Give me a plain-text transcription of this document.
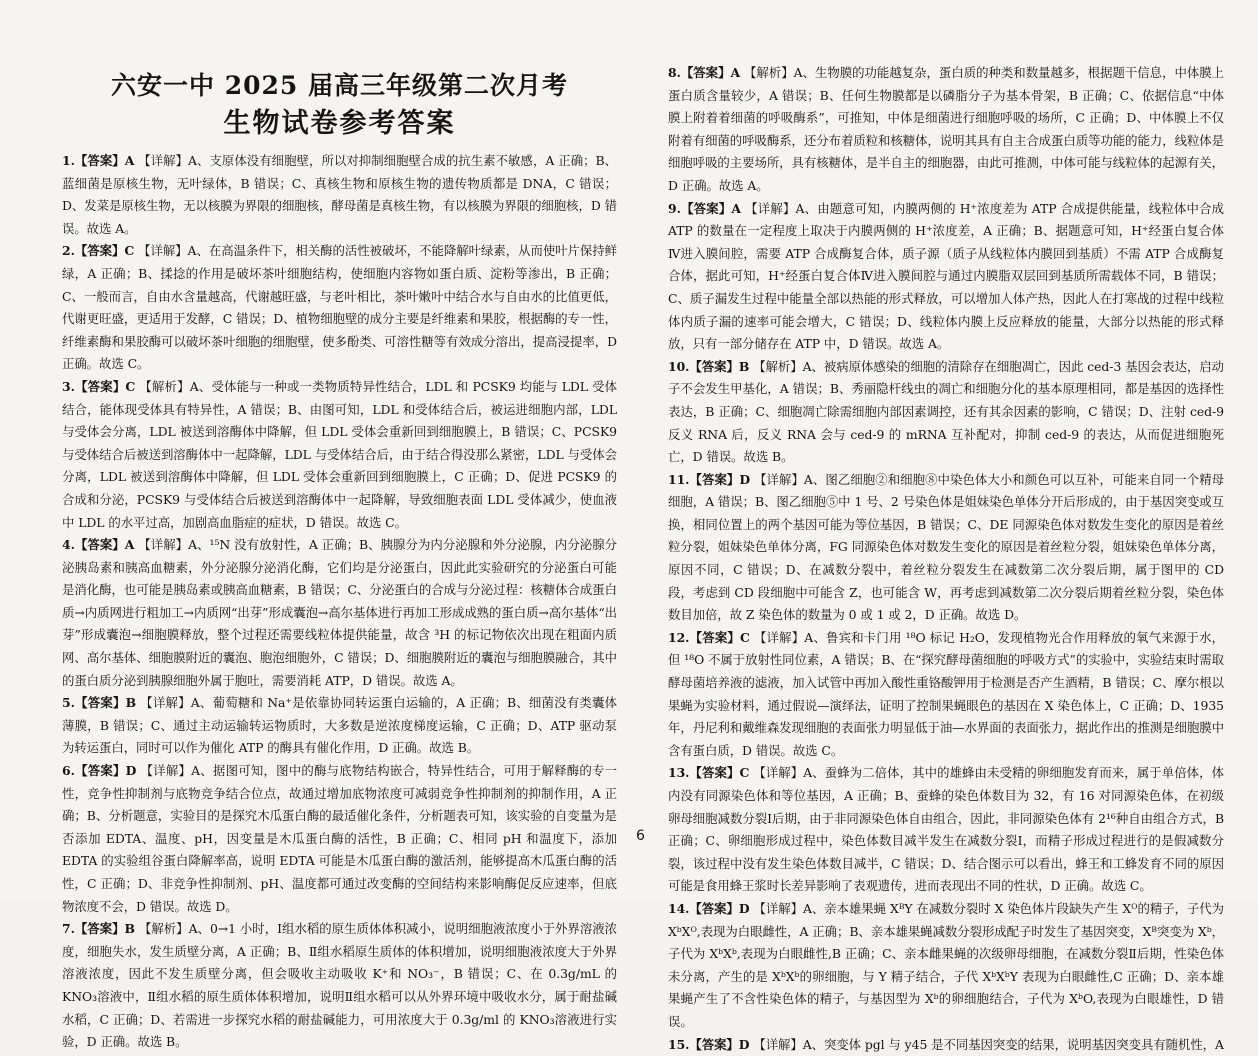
六安一中 2025 届高三年级第二次月考
生物试卷参考答案
1.【答案】A 【详解】A、支原体没有细胞壁，所以对抑制细胞壁合成的抗生素不敏感，A 正确；B、蓝细菌是原核生物，无叶绿体，B 错误；C、真核生物和原核生物的遗传物质都是 DNA，C 错误；D、发菜是原核生物，无以核膜为界限的细胞核，酵母菌是真核生物，有以核膜为界限的细胞核，D 错误。故选 A。
2.【答案】C 【详解】A、在高温条件下，相关酶的活性被破坏，不能降解叶绿素，从而使叶片保持鲜绿，A 正确；B、揉捻的作用是破坏茶叶细胞结构，使细胞内容物如蛋白质、淀粉等渗出，B 正确；C、一般而言，自由水含量越高，代谢越旺盛，与老叶相比，茶叶嫩叶中结合水与自由水的比值更低，代谢更旺盛，更适用于发酵，C 错误；D、植物细胞壁的成分主要是纤维素和果胶，根据酶的专一性，纤维素酶和果胶酶可以破坏茶叶细胞的细胞壁，使多酚类、可溶性糖等有效成分溶出，提高浸提率，D 正确。故选 C。
3.【答案】C 【解析】A、受体能与一种或一类物质特异性结合，LDL 和 PCSK9 均能与 LDL 受体结合，能体现受体具有特异性，A 错误；B、由图可知，LDL 和受体结合后，被运进细胞内部，LDL 与受体会分离，LDL 被送到溶酶体中降解，但 LDL 受体会重新回到细胞膜上，B 错误；C、PCSK9 与受体结合后被送到溶酶体中一起降解，LDL 与受体结合后，由于结合得没那么紧密，LDL 与受体会分离，LDL 被送到溶酶体中降解，但 LDL 受体会重新回到细胞膜上，C 正确；D、促进 PCSK9 的合成和分泌，PCSK9 与受体结合后被送到溶酶体中一起降解，导致细胞表面 LDL 受体减少，使血液中 LDL 的水平过高，加剧高血脂症的症状，D 错误。故选 C。
4.【答案】A 【详解】A、¹⁵N 没有放射性，A 正确；B、胰腺分为内分泌腺和外分泌腺，内分泌腺分泌胰岛素和胰高血糖素，外分泌腺分泌消化酶，它们均是分泌蛋白，因此此实验研究的分泌蛋白可能是消化酶，也可能是胰岛素或胰高血糖素，B 错误；C、分泌蛋白的合成与分泌过程：核糖体合成蛋白质→内质网进行粗加工→内质网“出芽”形成囊泡→高尔基体进行再加工形成成熟的蛋白质→高尔基体“出芽”形成囊泡→细胞膜释放，整个过程还需要线粒体提供能量，故含 ³H 的标记物依次出现在粗面内质网、高尔基体、细胞膜附近的囊泡、胞泡细胞外，C 错误；D、细胞膜附近的囊泡与细胞膜融合，其中的蛋白质分泌到胰腺细胞外属于胞吐，需要消耗 ATP，D 错误。故选 A。
5.【答案】B 【详解】A、葡萄糖和 Na⁺是依靠协同转运蛋白运输的，A 正确；B、细菌没有类囊体薄膜，B 错误；C、通过主动运输转运物质时，大多数是逆浓度梯度运输，C 正确；D、ATP 驱动泵为转运蛋白，同时可以作为催化 ATP 的酶具有催化作用，D 正确。故选 B。
6.【答案】D 【详解】A、据图可知，图中的酶与底物结构嵌合，特异性结合，可用于解释酶的专一性，竞争性抑制剂与底物竞争结合位点，故通过增加底物浓度可减弱竞争性抑制剂的抑制作用，A 正确；B、分析题意，实验目的是探究木瓜蛋白酶的最适催化条件，分析题表可知，该实验的自变量为是否添加 EDTA、温度、pH，因变量是木瓜蛋白酶的活性，B 正确；C、相同 pH 和温度下，添加 EDTA 的实验组谷蛋白降解率高，说明 EDTA 可能是木瓜蛋白酶的激活剂，能够提高木瓜蛋白酶的活性，C 正确；D、非竞争性抑制剂、pH、温度都可通过改变酶的空间结构来影响酶促反应速率，但底物浓度不会，D 错误。故选 D。
7.【答案】B 【解析】A、0→1 小时，Ⅰ组水稻的原生质体体积减小，说明细胞液浓度小于外界溶液浓度，细胞失水，发生质壁分离，A 正确；B、Ⅱ组水稻原生质体的体积增加，说明细胞液浓度大于外界溶液浓度，因此不发生质壁分离，但会吸收主动吸收 K⁺和 NO₃⁻，B 错误；C、在 0.3g/mL 的 KNO₃溶液中，Ⅱ组水稻的原生质体体积增加，说明Ⅱ组水稻可以从外界环境中吸收水分，属于耐盐碱水稻，C 正确；D、若需进一步探究水稻的耐盐碱能力，可用浓度大于 0.3g/ml 的 KNO₃溶液进行实验，D 正确。故选 B。
8.【答案】A 【解析】A、生物膜的功能越复杂，蛋白质的种类和数量越多，根据题干信息，中体膜上蛋白质含量较少，A 错误；B、任何生物膜都是以磷脂分子为基本骨架，B 正确；C、依据信息“中体膜上附着着细菌的呼吸酶系”，可推知，中体是细菌进行细胞呼吸的场所，C 正确；D、中体膜上不仅附着有细菌的呼吸酶系，还分布着质粒和核糖体，说明其具有自主合成蛋白质等功能的能力，线粒体是细胞呼吸的主要场所，具有核糖体，是半自主的细胞器，由此可推测，中体可能与线粒体的起源有关，D 正确。故选 A。
9.【答案】A 【详解】A、由题意可知，内膜两侧的 H⁺浓度差为 ATP 合成提供能量，线粒体中合成 ATP 的数量在一定程度上取决于内膜两侧的 H⁺浓度差，A 正确；B、据题意可知，H⁺经蛋白复合体Ⅳ进入膜间腔，需要 ATP 合成酶复合体，质子源（质子从线粒体内膜回到基质）不需 ATP 合成酶复合体，据此可知，H⁺经蛋白复合体Ⅳ进入膜间腔与通过内膜脂双层回到基质所需载体不同，B 错误；C、质子漏发生过程中能量全部以热能的形式释放，可以增加人体产热，因此人在打寒战的过程中线粒体内质子漏的速率可能会增大，C 错误；D、线粒体内膜上反应释放的能量，大部分以热能的形式释放，只有一部分储存在 ATP 中，D 错误。故选 A。
10.【答案】B 【解析】A、被病原体感染的细胞的清除存在细胞凋亡，因此 ced-3 基因会表达，启动子不会发生甲基化，A 错误；B、秀丽隐杆线虫的凋亡和细胞分化的基本原理相同，都是基因的选择性表达，B 正确；C、细胞凋亡除需细胞内部因素调控，还有其余因素的影响，C 错误；D、注射 ced-9 反义 RNA 后，反义 RNA 会与 ced-9 的 mRNA 互补配对，抑制 ced-9 的表达，从而促进细胞死亡，D 错误。故选 B。
11.【答案】D 【详解】A、图乙细胞②和细胞⑧中染色体大小和颜色可以互补，可能来自同一个精母细胞，A 错误；B、图乙细胞⑤中 1 号、2 号染色体是姐妹染色单体分开后形成的，由于基因突变或互换，相同位置上的两个基因可能为等位基因，B 错误；C、DE 同源染色体对数发生变化的原因是着丝粒分裂，姐妹染色单体分离，FG 同源染色体对数发生变化的原因是着丝粒分裂，姐妹染色单体分离，原因不同，C 错误；D、在减数分裂中，着丝粒分裂发生在减数第二次分裂后期，属于图甲的 CD 段，考虑到 CD 段细胞中可能含 Z，也可能含 W，再考虑到减数第二次分裂后期着丝粒分裂，染色体数目加倍，故 Z 染色体的数量为 0 或 1 或 2，D 正确。故选 D。
12.【答案】C 【详解】A、鲁宾和卡门用 ¹⁸O 标记 H₂O，发现植物光合作用释放的氧气来源于水，但 ¹⁸O 不属于放射性同位素，A 错误；B、在“探究酵母菌细胞的呼吸方式”的实验中，实验结束时需取酵母菌培养液的滤液，加入试管中再加入酸性重铬酸钾用于检测是否产生酒精，B 错误；C、摩尔根以果蝇为实验材料，通过假说—演绎法，证明了控制果蝇眼色的基因在 X 染色体上，C 正确；D、1935 年，丹尼利和戴维森发现细胞的表面张力明显低于油—水界面的表面张力，据此作出的推测是细胞膜中含有蛋白质，D 错误。故选 C。
13.【答案】C 【详解】A、蚕蜂为二倍体，其中的雄蜂由未受精的卵细胞发育而来，属于单倍体，体内没有同源染色体和等位基因，A 正确；B、蚕蜂的染色体数目为 32，有 16 对同源染色体，在初级卵母细胞减数分裂Ⅰ后期，由于非同源染色体自由组合，因此，非同源染色体有 2¹⁶种自由组合方式，B 正确；C、卵细胞形成过程中，染色体数目减半发生在减数分裂Ⅰ，而精子形成过程进行的是假减数分裂，该过程中没有发生染色体数目减半，C 错误；D、结合图示可以看出，蜂王和工蜂发育不同的原因可能是食用蜂王浆时长差异影响了表观遗传，进而表现出不同的性状，D 正确。故选 C。
14.【答案】D 【详解】A、亲本雄果蝇 XᴮY 在减数分裂时 X 染色体片段缺失产生 Xᴼ的精子，子代为 XᵇXᴼ,表现为白眼雌性，A 正确；B、亲本雄果蝇减数分裂形成配子时发生了基因突变，Xᴮ突变为 Xᵇ，子代为 XᵇXᵇ,表现为白眼雌性,B 正确；C、亲本雌果蝇的次级卵母细胞，在减数分裂Ⅱ后期，性染色体未分离，产生的是 XᵇXᵇ的卵细胞，与 Y 精子结合，子代 XᵇXᵇY 表现为白眼雌性,C 正确；D、亲本雄果蝇产生了不含性染色体的精子，与基因型为 Xᵇ的卵细胞结合，子代为 XᵇO,表现为白眼雄性，D 错误。
15.【答案】D 【详解】A、突变体 pgl 与 y45 是不同基因突变的结果，说明基因突变具有随机性，A
6
